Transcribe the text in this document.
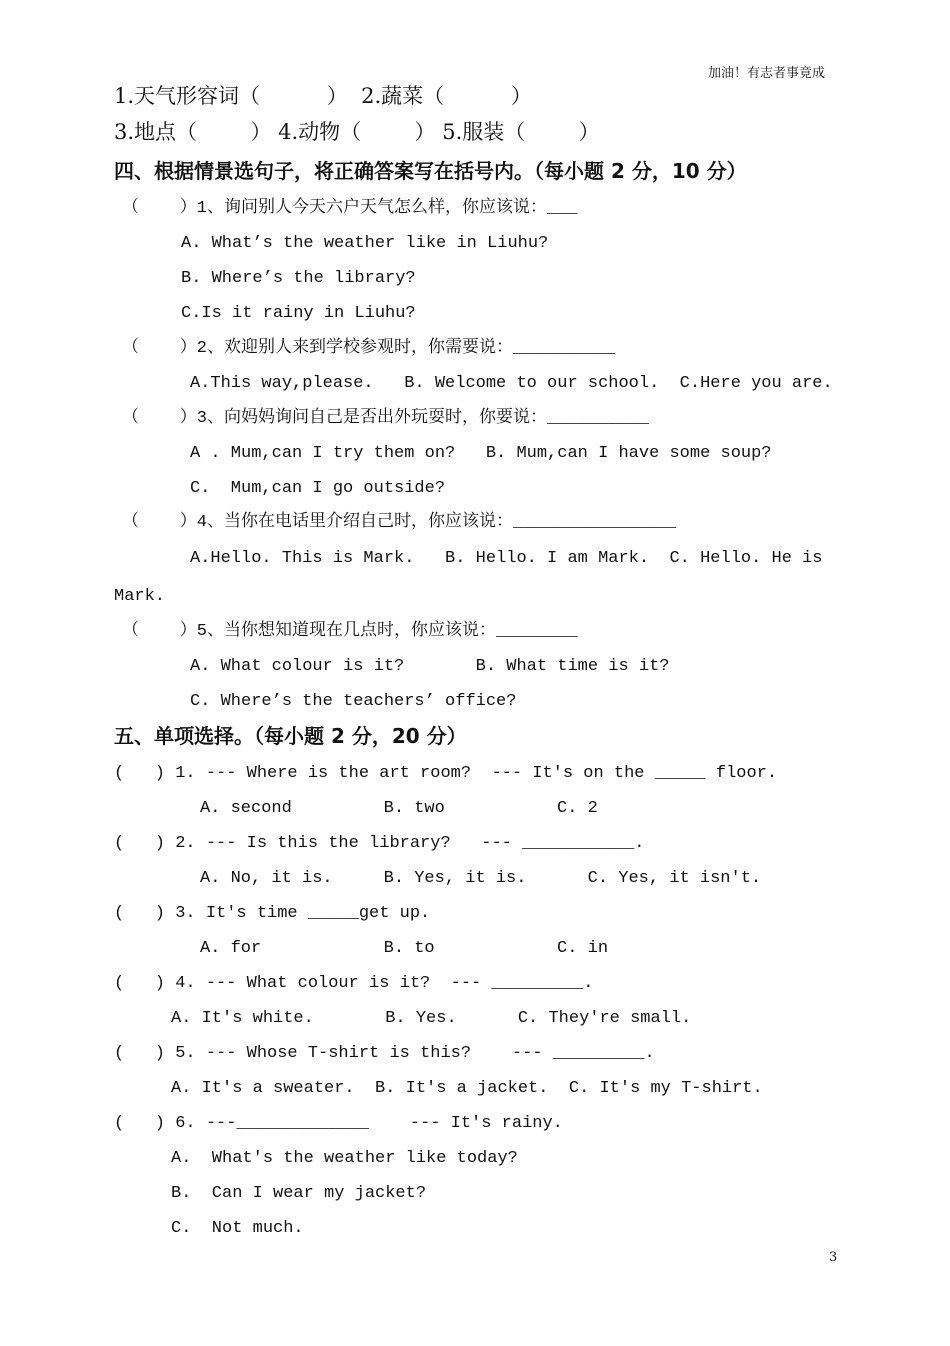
加油！有志者事竟成
1.天气形容词（          ）  2.蔬菜（          ）
3.地点（        ） 4.动物（        ） 5.服装（        ）
四、根据情景选句子，将正确答案写在括号内。（每小题 2 分，10 分）
（    ）1、询问别人今天六户天气怎么样，你应该说：___
A. What’s the weather like in Liuhu?
B. Where’s the library?
C.Is it rainy in Liuhu?
（    ）2、欢迎别人来到学校参观时，你需要说：__________
A.This way,please.   B. Welcome to our school.  C.Here you are.
（    ）3、向妈妈询问自己是否出外玩耍时，你要说：__________
A . Mum,can I try them on?   B. Mum,can I have some soup?
C.  Mum,can I go outside?
（    ）4、当你在电话里介绍自己时，你应该说：________________
A.Hello. This is Mark.   B. Hello. I am Mark.  C. Hello. He is
Mark.
（    ）5、当你想知道现在几点时，你应该说：________
A. What colour is it?       B. What time is it?
C. Where’s the teachers’ office?
五、单项选择。（每小题 2 分，20 分）
(   ) 1. --- Where is the art room?  --- It's on the _____ floor.
A. second         B. two           C. 2
(   ) 2. --- Is this the library?   --- ___________.
A. No, it is.     B. Yes, it is.      C. Yes, it isn't.
(   ) 3. It's time _____get up.
A. for            B. to            C. in
(   ) 4. --- What colour is it?  --- _________.
A. It's white.       B. Yes.      C. They're small.
(   ) 5. --- Whose T-shirt is this?    --- _________.
A. It's a sweater.  B. It's a jacket.  C. It's my T-shirt.
(   ) 6. ---_____________    --- It's rainy.
A.  What's the weather like today?
B.  Can I wear my jacket?
C.  Not much.
3
